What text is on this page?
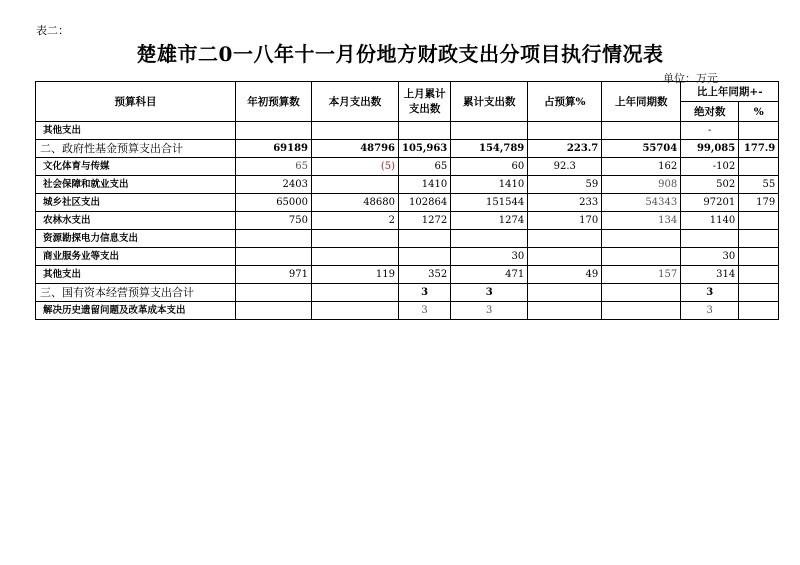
表二：
楚雄市二0一八年十一月份地方财政支出分项目执行情况表
单位：万元
预算科目	年初预算数	本月支出数	上月累计支出数	累计支出数	占预算%	上年同期数	比上年同期+-	
							绝对数	%
其他支出							-	
二、政府性基金预算支出合计	69189	48796	105,963	154,789	223.7	55704	99,085	177.9
文化体育与传媒	65	(5)	65	60	92.3	162	-102	
社会保障和就业支出	2403		1410	1410	59	908	502	55
城乡社区支出	65000	48680	102864	151544	233	54343	97201	179
农林水支出	750	2	1272	1274	170	134	1140	
资源勘探电力信息支出								
商业服务业等支出				30			30	
其他支出	971	119	352	471	49	157	314	
三、国有资本经营预算支出合计			3	3			3	
解决历史遗留问题及改革成本支出			3	3			3	
